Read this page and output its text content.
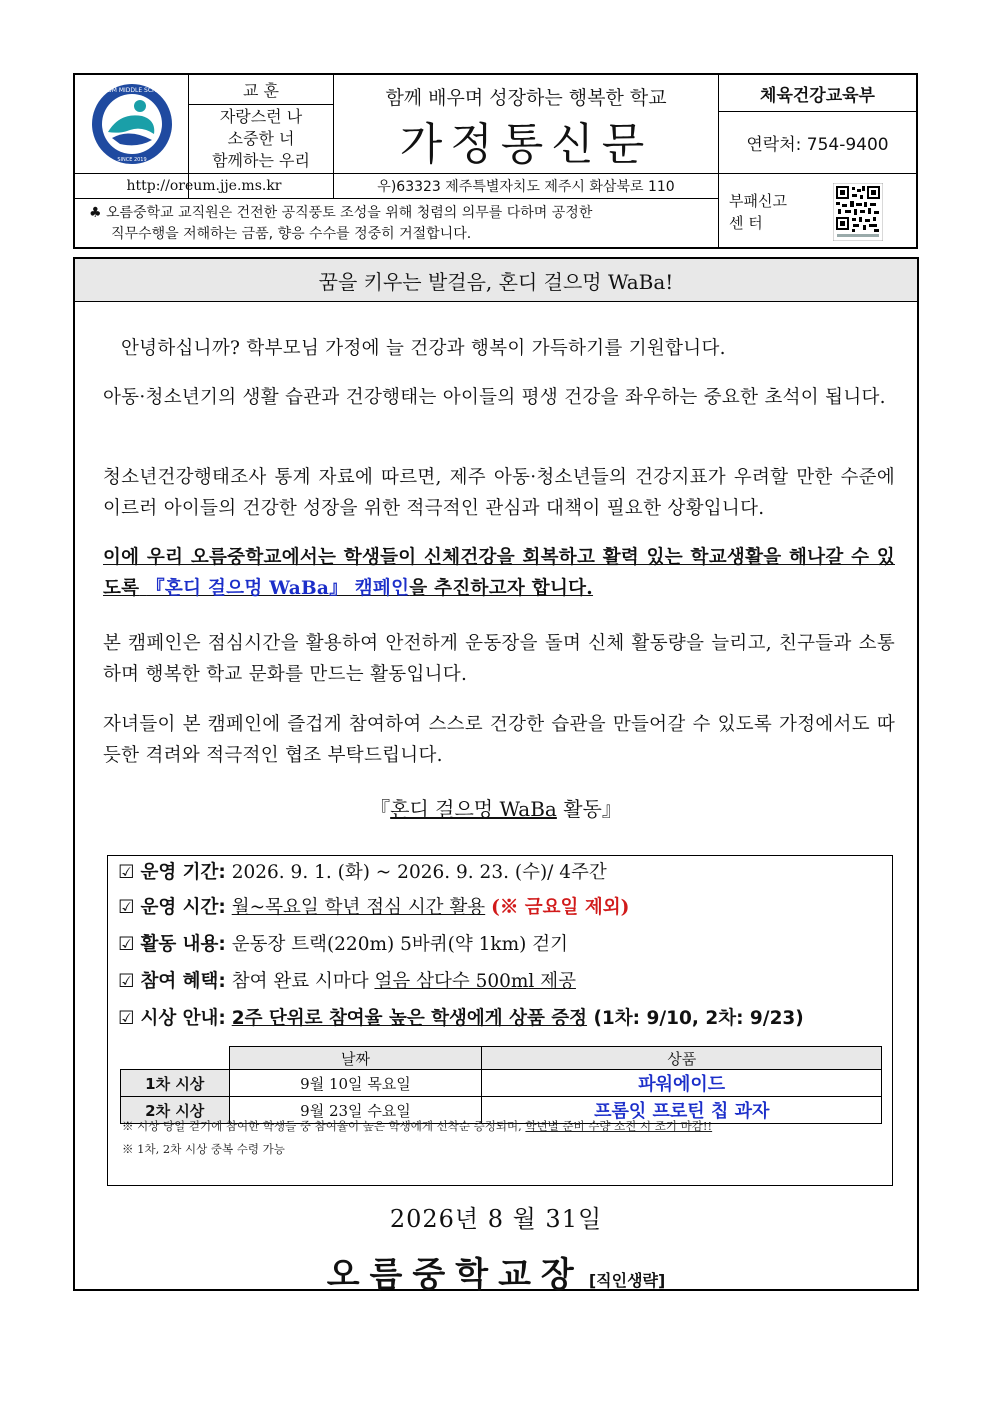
OREUM MIDDLE SCHOOL
SINCE 2019
교 훈
자랑스런 나
소중한 너
함께하는 우리
http://oreum.jje.ms.kr
함께 배우며 성장하는 행복한 학교
가정통신문
우)63323 제주특별자치도 제주시 화삼북로 110
체육건강교육부
연락처: 754-9400
♣ 오름중학교 교직원은 건전한 공직풍토 조성을 위해 청렴의 의무를 다하며 공정한
직무수행을 저해하는 금품, 향응 수수를 정중히 거절합니다.
부패신고
센 터
꿈을 키우는 발걸음, 혼디 걸으멍 WaBa!
안녕하십니까? 학부모님 가정에 늘 건강과 행복이 가득하기를 기원합니다.
아동·청소년기의 생활 습관과 건강행태는 아이들의 평생 건강을 좌우하는 중요한 초석이 됩니다.
청소년건강행태조사 통계 자료에 따르면, 제주 아동·청소년들의 건강지표가 우려할 만한 수준에 이르러 아이들의 건강한 성장을 위한 적극적인 관심과 대책이 필요한 상황입니다.
이에 우리 오름중학교에서는 학생들이 신체건강을 회복하고 활력 있는 학교생활을 해나갈 수 있도록 『혼디 걸으멍 WaBa』 캠페인을 추진하고자 합니다.
본 캠페인은 점심시간을 활용하여 안전하게 운동장을 돌며 신체 활동량을 늘리고, 친구들과 소통하며 행복한 학교 문화를 만드는 활동입니다.
자녀들이 본 캠페인에 즐겁게 참여하여 스스로 건강한 습관을 만들어갈 수 있도록 가정에서도 따듯한 격려와 적극적인 협조 부탁드립니다.
『혼디 걸으멍 WaBa 활동』
☑ 운영 기간: 2026. 9. 1. (화) ~ 2026. 9. 23. (수)/ 4주간
☑ 운영 시간: 월~목요일 학년 점심 시간 활용 (※ 금요일 제외)
☑ 활동 내용: 운동장 트랙(220m) 5바퀴(약 1km) 걷기
☑ 참여 혜택: 참여 완료 시마다 얼음 삼다수 500ml 제공
☑ 시상 안내: 2주 단위로 참여율 높은 학생에게 상품 증정 (1차: 9/10, 2차: 9/23)
	날짜	상품
1차 시상	9월 10일 목요일	파워에이드
2차 시상	9월 23일 수요일	프롬잇 프로틴 칩 과자
※ 시상 당일 걷기에 참여한 학생들 중 참여율이 높은 학생에게 선착순 증정되며, 학년별 준비 수량 소진 시 조기 마감!!
※ 1차, 2차 시상 중복 수령 가능
2026년 8 월 31일
오름중학교장 [직인생략]
